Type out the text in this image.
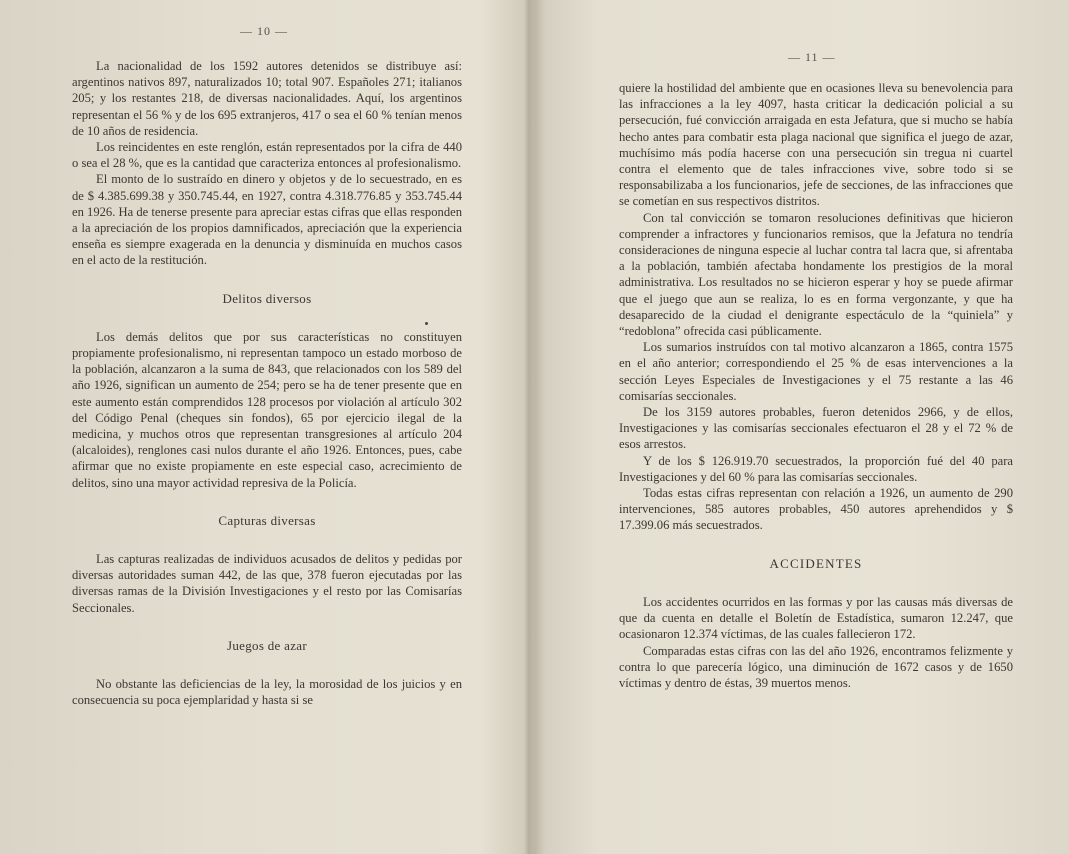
— 10 —

La nacionalidad de los 1592 autores detenidos se distribuye así: argentinos nativos 897, naturalizados 10; total 907. Españoles 271; italianos 205; y los restantes 218, de diversas nacionalidades. Aquí, los argentinos representan el 56 % y de los 695 extranjeros, 417 o sea el 60 % tenían menos de 10 años de residencia.

Los reincidentes en este renglón, están representados por la cifra de 440 o sea el 28 %, que es la cantidad que caracteriza entonces al profesionalismo.

El monto de lo sustraído en dinero y objetos y de lo secuestrado, en es de $ 4.385.699.38 y 350.745.44, en 1927, contra 4.318.776.85 y 353.745.44 en 1926. Ha de tenerse presente para apreciar estas cifras que ellas responden a la apreciación de los propios damnificados, apreciación que la experiencia enseña es siempre exagerada en la denuncia y disminuída en muchos casos en el acto de la restitución.

Delitos diversos

Los demás delitos que por sus características no constituyen propiamente profesionalismo, ni representan tampoco un estado morboso de la población, alcanzaron a la suma de 843, que relacionados con los 589 del año 1926, significan un aumento de 254; pero se ha de tener presente que en este aumento están comprendidos 128 procesos por violación al artículo 302 del Código Penal (cheques sin fondos), 65 por ejercicio ilegal de la medicina, y muchos otros que representan transgresiones al artículo 204 (alcaloides), renglones casi nulos durante el año 1926. Entonces, pues, cabe afirmar que no existe propiamente en este especial caso, acrecimiento de delitos, sino una mayor actividad represiva de la Policía.

Capturas diversas

Las capturas realizadas de individuos acusados de delitos y pedidas por diversas autoridades suman 442, de las que, 378 fueron ejecutadas por las diversas ramas de la División Investigaciones y el resto por las Comisarías Seccionales.

Juegos de azar

No obstante las deficiencias de la ley, la morosidad de los juicios y en consecuencia su poca ejemplaridad y hasta si se

— 11 —

quiere la hostilidad del ambiente que en ocasiones lleva su benevolencia para las infracciones a la ley 4097, hasta criticar la dedicación policial a su persecución, fué convicción arraigada en esta Jefatura, que si mucho se había hecho antes para combatir esta plaga nacional que significa el juego de azar, muchísimo más podía hacerse con una persecución sin tregua ni cuartel contra el elemento que de tales infracciones vive, sobre todo si se responsabilizaba a los funcionarios, jefe de secciones, de las infracciones que se cometían en sus respectivos distritos.

Con tal convicción se tomaron resoluciones definitivas que hicieron comprender a infractores y funcionarios remisos, que la Jefatura no tendría consideraciones de ninguna especie al luchar contra tal lacra que, si afrentaba a la población, también afectaba hondamente los prestigios de la moral administrativa. Los resultados no se hicieron esperar y hoy se puede afirmar que el juego que aun se realiza, lo es en forma vergonzante, y que ha desaparecido de la ciudad el denigrante espectáculo de la “quiniela” y “redoblona” ofrecida casi públicamente.

Los sumarios instruídos con tal motivo alcanzaron a 1865, contra 1575 en el año anterior; correspondiendo el 25 % de esas intervenciones a la sección Leyes Especiales de Investigaciones y el 75 restante a las 46 comisarías seccionales.

De los 3159 autores probables, fueron detenidos 2966, y de ellos, Investigaciones y las comisarías seccionales efectuaron el 28 y el 72 % de esos arrestos.

Y de los $ 126.919.70 secuestrados, la proporción fué del 40 para Investigaciones y del 60 % para las comisarías seccionales.

Todas estas cifras representan con relación a 1926, un aumento de 290 intervenciones, 585 autores probables, 450 autores aprehendidos y $ 17.399.06 más secuestrados.

ACCIDENTES

Los accidentes ocurridos en las formas y por las causas más diversas de que da cuenta en detalle el Boletín de Estadística, sumaron 12.247, que ocasionaron 12.374 víctimas, de las cuales fallecieron 172.

Comparadas estas cifras con las del año 1926, encontramos felizmente y contra lo que parecería lógico, una diminución de 1672 casos y de 1650 víctimas y dentro de éstas, 39 muertos menos.
